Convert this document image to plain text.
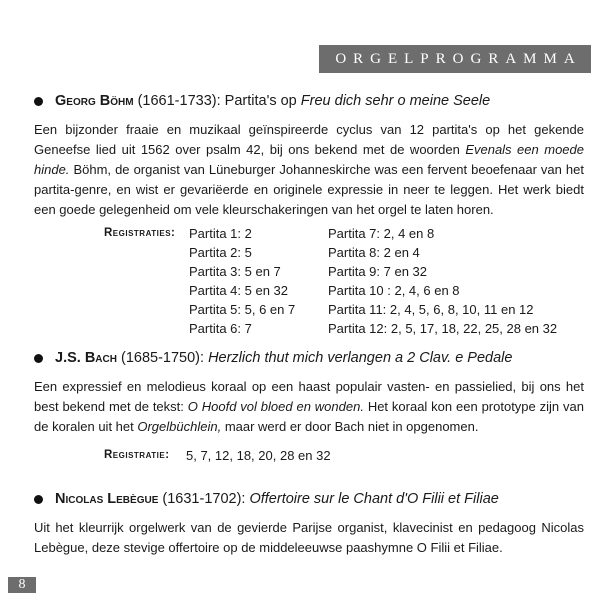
ORGELPROGRAMMA
Georg Böhm
(1661-1733):
Partita's op
Freu dich sehr o meine Seele
Een bijzonder fraaie en muzikaal geïnspireerde cyclus van 12 partita's op het gekende Geneefse lied uit 1562 over psalm 42, bij ons bekend met de woorden Evenals een moede hinde. Böhm, de organist van Lüneburger Johanneskirche was een fervent beoefenaar van het partita-genre, en wist er gevariëerde en originele expressie in neer te leggen. Het werk biedt een goede gelegenheid om vele kleurschakeringen van het orgel te laten horen.
Registraties:	Partita 1: 2
Partita 2: 5
Partita 3: 5 en 7
Partita 4: 5 en 32
Partita 5: 5, 6 en 7
Partita 6: 7
Partita 7: 2, 4 en 8
Partita 8: 2 en 4
Partita 9: 7 en 32
Partita 10 : 2, 4, 6 en 8
Partita 11: 2, 4, 5, 6, 8, 10, 11 en 12
Partita 12: 2, 5, 17, 18, 22, 25, 28 en 32
J.S. Bach
(1685-1750):
Herzlich thut mich verlangen a 2 Clav. e Pedale
Een expressief en melodieus koraal op een haast populair vasten- en passielied, bij ons het best bekend met de tekst: O Hoofd vol bloed en wonden. Het koraal kon een prototype zijn van de koralen uit het Orgelbüchlein, maar werd er door Bach niet in opgenomen.
Registratie:	5, 7, 12, 18, 20, 28 en 32
Nicolas Lebègue
(1631-1702):
Offertoire sur le Chant d'O Filii et Filiae
Uit het kleurrijk orgelwerk van de gevierde Parijse organist, klavecinist en pedagoog Nicolas Lebègue, deze stevige offertoire op de middeleeuwse paashymne O Filii et Filiae.
8
